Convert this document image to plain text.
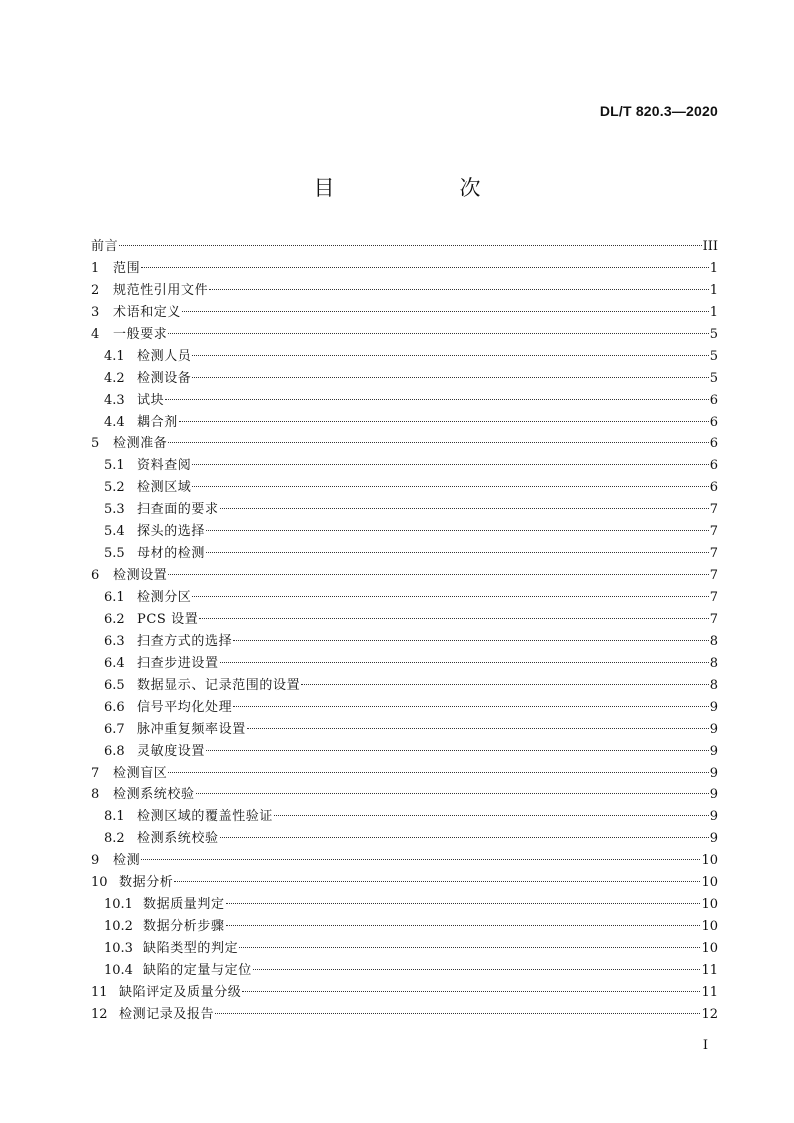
DL/T 820.3—2020
目　次
前言	III
1	范围	1
2	规范性引用文件	1
3	术语和定义	1
4	一般要求	5
4.1 检测人员	5
4.2 检测设备	5
4.3 试块	6
4.4 耦合剂	6
5	检测准备	6
5.1 资料查阅	6
5.2 检测区域	6
5.3 扫查面的要求	7
5.4 探头的选择	7
5.5 母材的检测	7
6	检测设置	7
6.1 检测分区	7
6.2 PCS 设置	7
6.3 扫查方式的选择	8
6.4 扫查步进设置	8
6.5 数据显示、记录范围的设置	8
6.6 信号平均化处理	9
6.7 脉冲重复频率设置	9
6.8 灵敏度设置	9
7	检测盲区	9
8	检测系统校验	9
8.1 检测区域的覆盖性验证	9
8.2 检测系统校验	9
9	检测	10
10 数据分析	10
10.1 数据质量判定	10
10.2 数据分析步骤	10
10.3 缺陷类型的判定	10
10.4 缺陷的定量与定位	11
11 缺陷评定及质量分级	11
12 检测记录及报告	12
I
